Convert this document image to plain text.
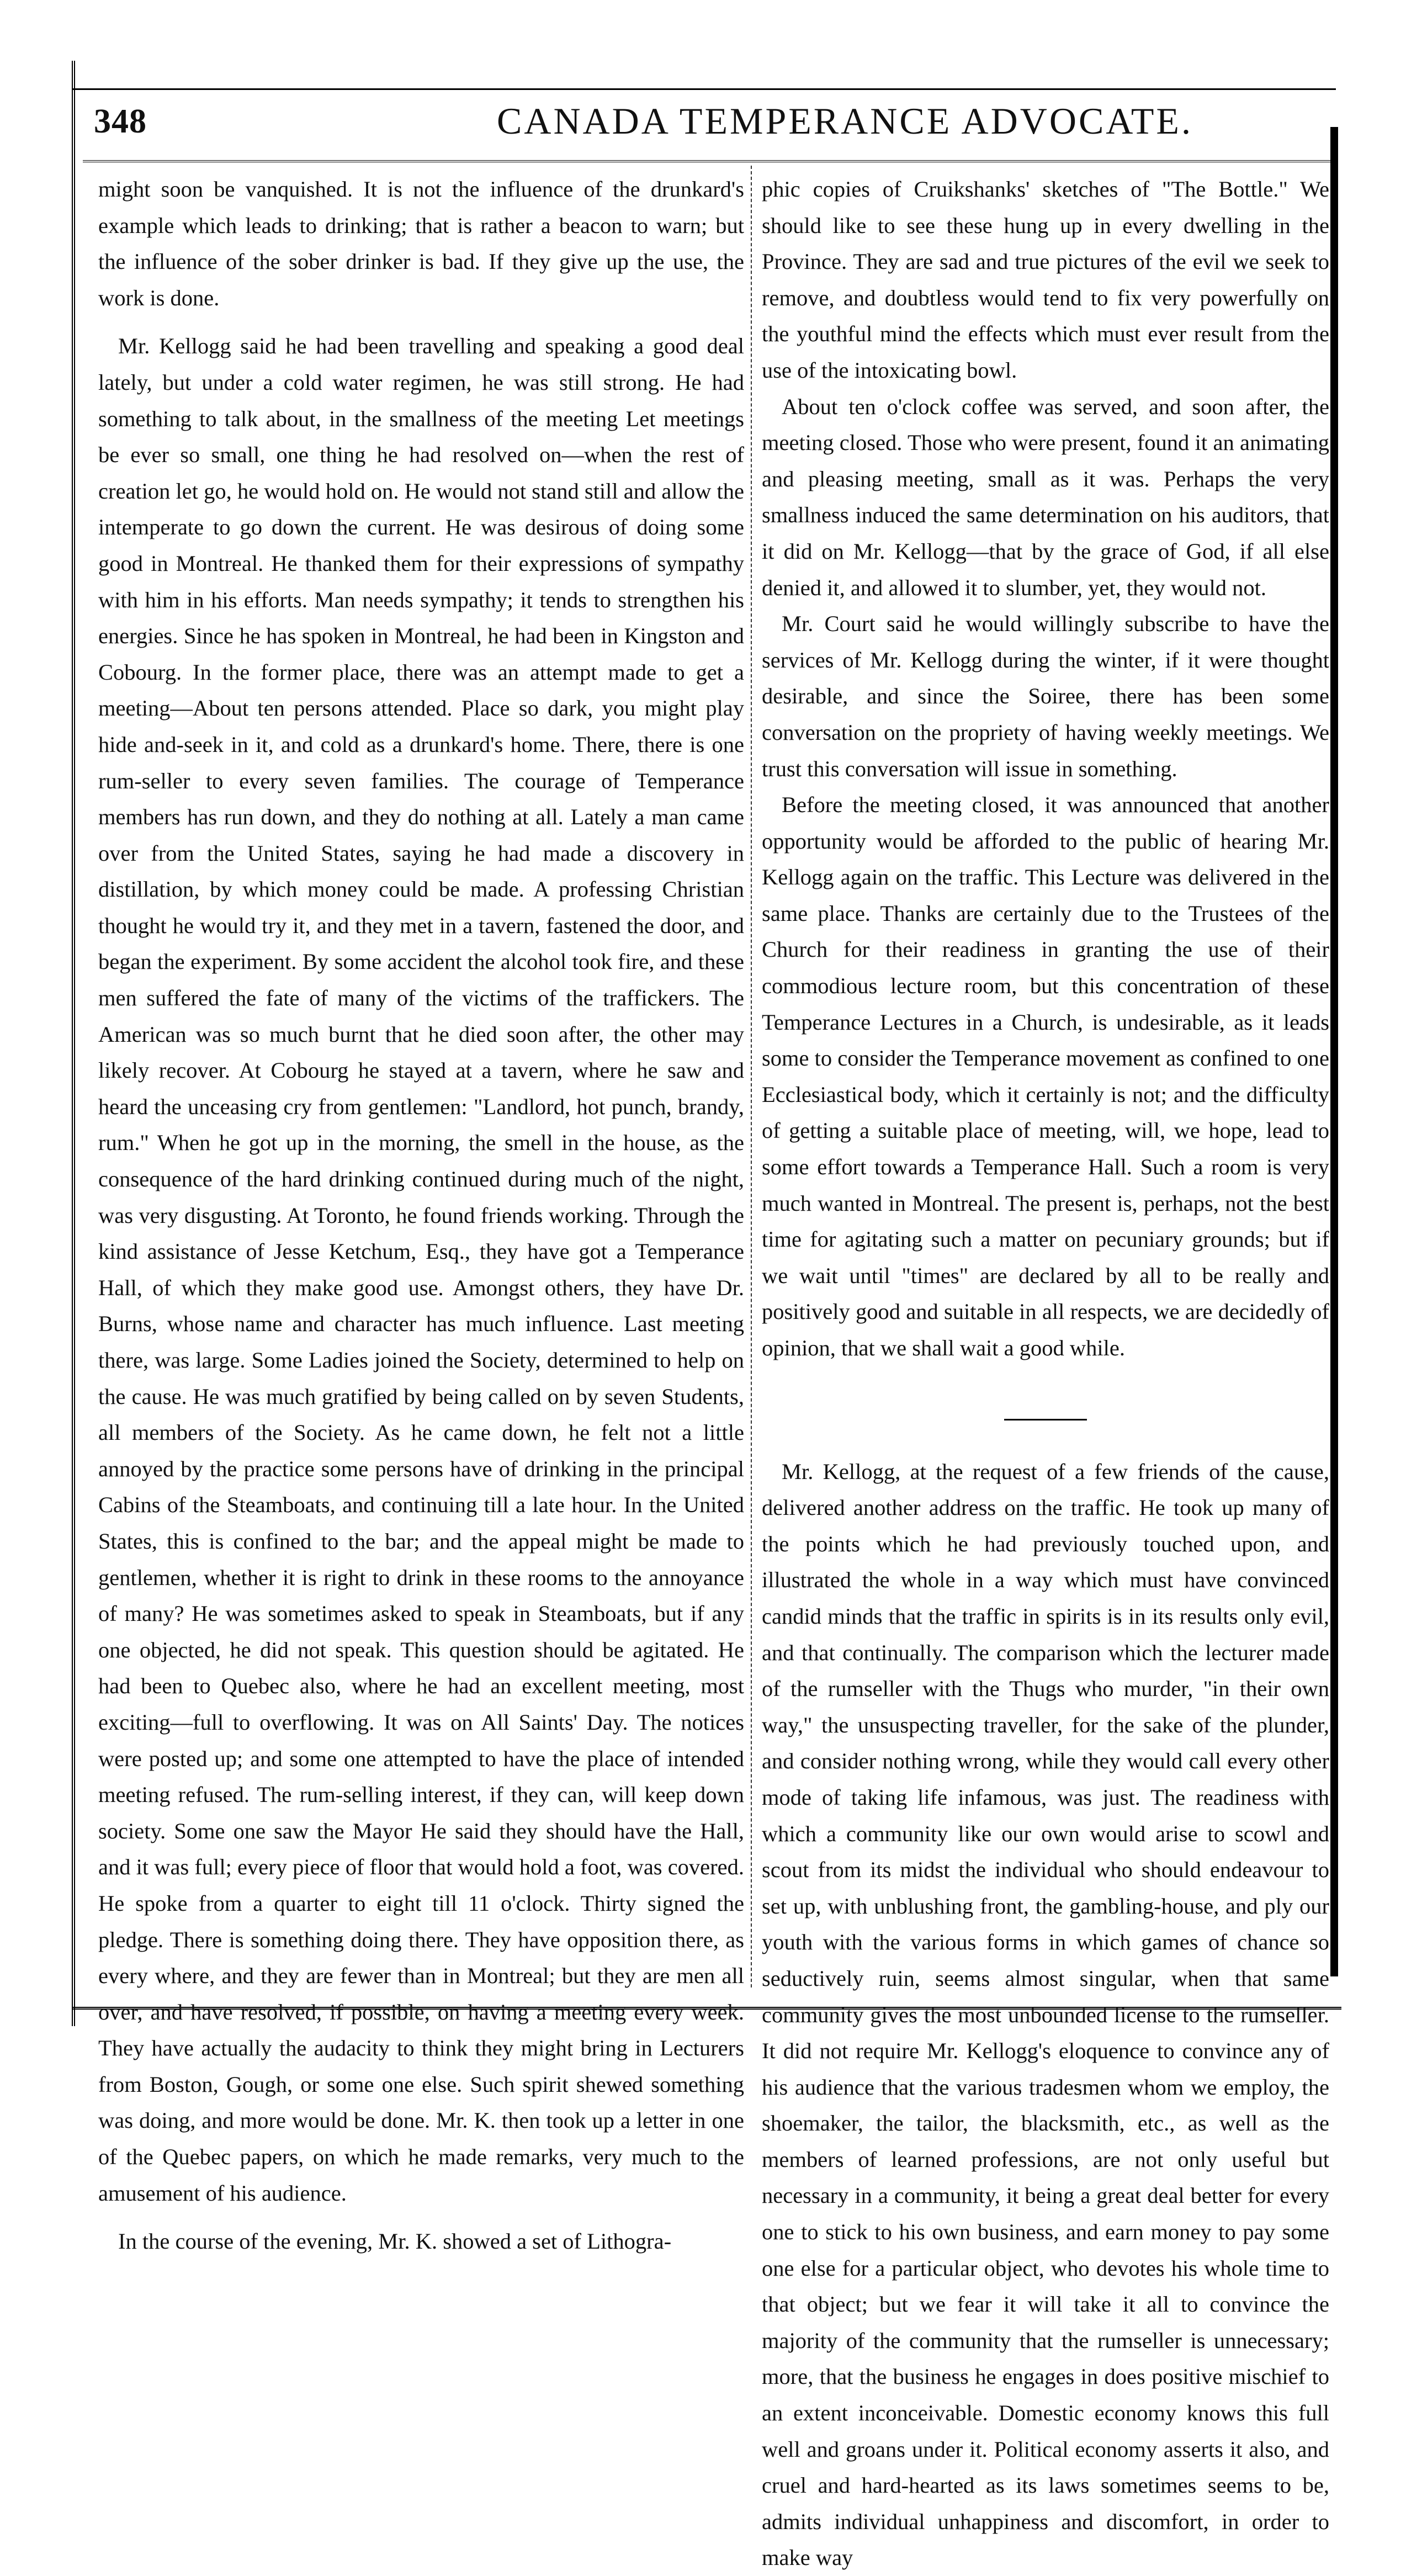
348	CANADA TEMPERANCE ADVOCATE.

might soon be vanquished. It is not the influence of the drunkard's example which leads to drinking; that is rather a beacon to warn; but the influence of the sober drinker is bad. If they give up the use, the work is done.

Mr. Kellogg said he had been travelling and speaking a good deal lately, but under a cold water regimen, he was still strong. He had something to talk about, in the smallness of the meeting Let meetings be ever so small, one thing he had resolved on—when the rest of creation let go, he would hold on. He would not stand still and allow the intemperate to go down the current. He was desirous of doing some good in Montreal. He thanked them for their expressions of sympathy with him in his efforts. Man needs sympathy; it tends to strengthen his energies. Since he has spoken in Montreal, he had been in Kingston and Cobourg. In the former place, there was an attempt made to get a meeting—About ten persons attended. Place so dark, you might play hide and-seek in it, and cold as a drunkard's home. There, there is one rum-seller to every seven families. The courage of Temperance members has run down, and they do nothing at all. Lately a man came over from the United States, saying he had made a discovery in distillation, by which money could be made. A professing Christian thought he would try it, and they met in a tavern, fastened the door, and began the experiment. By some accident the alcohol took fire, and these men suffered the fate of many of the victims of the traffickers. The American was so much burnt that he died soon after, the other may likely recover. At Cobourg he stayed at a tavern, where he saw and heard the unceasing cry from gentlemen: "Landlord, hot punch, brandy, rum." When he got up in the morning, the smell in the house, as the consequence of the hard drinking continued during much of the night, was very disgusting. At Toronto, he found friends working. Through the kind assistance of Jesse Ketchum, Esq., they have got a Temperance Hall, of which they make good use. Amongst others, they have Dr. Burns, whose name and character has much influence. Last meeting there, was large. Some Ladies joined the Society, determined to help on the cause. He was much gratified by being called on by seven Students, all members of the Society. As he came down, he felt not a little annoyed by the practice some persons have of drinking in the principal Cabins of the Steamboats, and continuing till a late hour. In the United States, this is confined to the bar; and the appeal might be made to gentlemen, whether it is right to drink in these rooms to the annoyance of many? He was sometimes asked to speak in Steamboats, but if any one objected, he did not speak. This question should be agitated. He had been to Quebec also, where he had an excellent meeting, most exciting—full to overflowing. It was on All Saints' Day. The notices were posted up; and some one attempted to have the place of intended meeting refused. The rum-selling interest, if they can, will keep down society. Some one saw the Mayor He said they should have the Hall, and it was full; every piece of floor that would hold a foot, was covered. He spoke from a quarter to eight till 11 o'clock. Thirty signed the pledge. There is something doing there. They have opposition there, as every where, and they are fewer than in Montreal; but they are men all over, and have resolved, if possible, on having a meeting every week. They have actually the audacity to think they might bring in Lecturers from Boston, Gough, or some one else. Such spirit shewed something was doing, and more would be done. Mr. K. then took up a letter in one of the Quebec papers, on which he made remarks, very much to the amusement of his audience.

In the course of the evening, Mr. K. showed a set of Lithogra-

phic copies of Cruikshanks' sketches of "The Bottle." We should like to see these hung up in every dwelling in the Province. They are sad and true pictures of the evil we seek to remove, and doubtless would tend to fix very powerfully on the youthful mind the effects which must ever result from the use of the intoxicating bowl.

About ten o'clock coffee was served, and soon after, the meeting closed. Those who were present, found it an animating and pleasing meeting, small as it was. Perhaps the very smallness induced the same determination on his auditors, that it did on Mr. Kellogg—that by the grace of God, if all else denied it, and allowed it to slumber, yet, they would not.

Mr. Court said he would willingly subscribe to have the services of Mr. Kellogg during the winter, if it were thought desirable, and since the Soiree, there has been some conversation on the propriety of having weekly meetings. We trust this conversation will issue in something.

Before the meeting closed, it was announced that another opportunity would be afforded to the public of hearing Mr. Kellogg again on the traffic. This Lecture was delivered in the same place. Thanks are certainly due to the Trustees of the Church for their readiness in granting the use of their commodious lecture room, but this concentration of these Temperance Lectures in a Church, is undesirable, as it leads some to consider the Temperance movement as confined to one Ecclesiastical body, which it certainly is not; and the difficulty of getting a suitable place of meeting, will, we hope, lead to some effort towards a Temperance Hall. Such a room is very much wanted in Montreal. The present is, perhaps, not the best time for agitating such a matter on pecuniary grounds; but if we wait until "times" are declared by all to be really and positively good and suitable in all respects, we are decidedly of opinion, that we shall wait a good while.

Mr. Kellogg, at the request of a few friends of the cause, delivered another address on the traffic. He took up many of the points which he had previously touched upon, and illustrated the whole in a way which must have convinced candid minds that the traffic in spirits is in its results only evil, and that continually. The comparison which the lecturer made of the rumseller with the Thugs who murder, "in their own way," the unsuspecting traveller, for the sake of the plunder, and consider nothing wrong, while they would call every other mode of taking life infamous, was just. The readiness with which a community like our own would arise to scowl and scout from its midst the individual who should endeavour to set up, with unblushing front, the gambling-house, and ply our youth with the various forms in which games of chance so seductively ruin, seems almost singular, when that same community gives the most unbounded license to the rumseller. It did not require Mr. Kellogg's eloquence to convince any of his audience that the various tradesmen whom we employ, the shoemaker, the tailor, the blacksmith, etc., as well as the members of learned professions, are not only useful but necessary in a community, it being a great deal better for every one to stick to his own business, and earn money to pay some one else for a particular object, who devotes his whole time to that object; but we fear it will take it all to convince the majority of the community that the rumseller is unnecessary; more, that the business he engages in does positive mischief to an extent inconceivable. Domestic economy knows this full well and groans under it. Political economy asserts it also, and cruel and hard-hearted as its laws sometimes seems to be, admits individual unhappiness and discomfort, in order to make way
